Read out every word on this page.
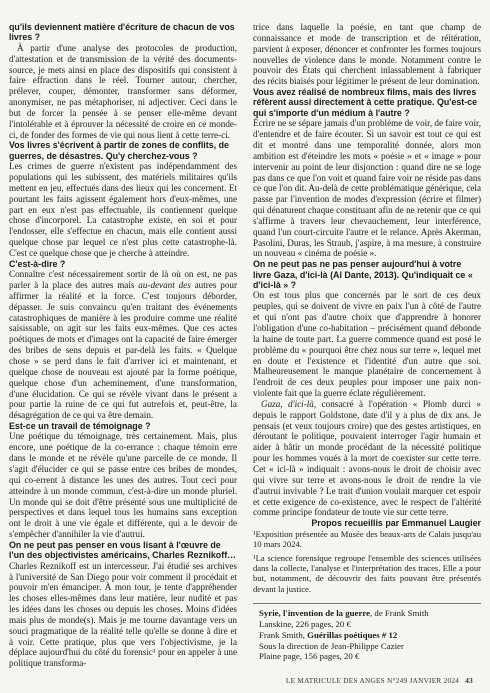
qu'ils deviennent matière d'écriture de chacun de vos livres ?

À partir d'une analyse des protocoles de production, d'attestation et de transmission de la vérité des documents-source, je mets ainsi en place des dispositifs qui consistent à faire effraction dans le réel. Tourner autour, chercher, prélever, couper, démonter, transformer sans déformer, anonymiser, ne pas métaphoriser, ni adjectiver. Ceci dans le but de forcer la pensée à se penser elle-même devant l'intolérable et à éprouver la nécessité de croire en ce monde-ci, de fonder des formes de vie qui nous lient à cette terre-ci.

Vos livres s'écrivent à partir de zones de conflits, de guerres, de désastres. Qu'y cherchez-vous ?

Les crimes de guerre n'existent pas indépendamment des populations qui les subissent, des matériels militaires qu'ils mettent en jeu, effectués dans des lieux qui les concernent. Et pourtant les faits agissent également hors d'eux-mêmes, une part en eux n'est pas effectuable, ils contiennent quelque chose d'incorporel. La catastrophe existe, en soi et pour l'endosser, elle s'effectue en chacun, mais elle contient aussi quelque chose par lequel ce n'est plus cette catastrophe-là. C'est ce quelque chose que je cherche à atteindre.

C'est-à-dire ?

Connaître c'est nécessairement sortir de là où on est, ne pas parler à la place des autres mais au-devant des autres pour affirmer la réalité et la force. C'est toujours déborder, dépasser. Je suis convaincu qu'en traitant des événements catastrophiques de manière à les produire comme une réalité saisissable, on agit sur les faits eux-mêmes. Que ces actes poétiques de mots et d'images ont la capacité de faire émerger des bribes de sens depuis et par-delà les faits. « Quelque chose » se perd dans le fait d'arriver ici et maintenant, et quelque chose de nouveau est ajouté par la forme poétique, quelque chose d'un acheminement, d'une transformation, d'une élucidation. Ce qui se révèle vivant dans le présent a pour partie la ruine de ce qui fut autrefois et, peut-être, la désagrégation de ce qui va être demain.

Est-ce un travail de témoignage ?

Une poétique du témoignage, très certainement. Mais, plus encore, une poétique de la co-errance : chaque témoin erre dans le monde et ne révèle qu'une parcelle de ce monde. Il s'agit d'élucider ce qui se passe entre ces bribes de mondes, qui co-errent à distance les unes des autres. Tout ceci pour atteindre à un monde commun, c'est-à-dire un monde pluriel. Un monde qui se doit d'être présenté sous une multiplicité de perspectives et dans lequel tous les humains sans exception ont le droit à une vie égale et différente, qui a le devoir de s'empêcher d'annihiler la vie d'autrui.

On ne peut pas penser en vous lisant à l'œuvre de l'un des objectivistes américains, Charles Reznikoff…

Charles Reznikoff est un intercesseur. J'ai étudié ses archives à l'université de San Diego pour voir comment il procédait et pouvoir m'en émanciper. À mon tour, je tente d'appréhender les choses elles-mêmes dans leur matière, leur nudité et pas les idées dans les choses ou depuis les choses. Moins d'idées mais plus de monde(s). Mais je me tourne davantage vers un souci pragmatique de la réalité telle qu'elle se donne à dire et à voir. Cette pratique, plus que vers l'objectivisme, je la déplace aujourd'hui du côté du forensic¹ pour en appeler à une politique transforma-

trice dans laquelle la poésie, en tant que champ de connaissance et mode de transcription et de réitération, parvient à exposer, dénoncer et confronter les formes toujours nouvelles de violence dans le monde. Notamment contre le pouvoir des États qui cherchent inlassablement à fabriquer des récits biaisés pour légitimer le présent de leur domination.

Vous avez réalisé de nombreux films, mais des livres réfèrent aussi directement à cette pratique. Qu'est-ce qui s'importe d'un médium à l'autre ?

Écrire ne se sépare jamais d'un problème de voir, de faire voir, d'entendre et de faire écouter. Si un savoir est tout ce qui est dit et montré dans une temporalité donnée, alors mon ambition est d'éteindre les mots « poésie » et « image » pour intervenir au point de leur disjonction : quand dire ne se loge pas dans ce que l'on voit et quand faire voir ne réside pas dans ce que l'on dit. Au-delà de cette problématique générique, cela passe par l'invention de modes d'expression (écrire et filmer) qui dénaturent chaque constituant afin de ne retenir que ce qui s'affirme à travers leur chevauchement, leur interférence, quand l'un court-circuite l'autre et le relance. Après Akerman, Pasolini, Duras, les Straub, j'aspire, à ma mesure, à construire un nouveau « cinéma de poésie ».

On ne peut pas ne pas penser aujourd'hui à votre livre Gaza, d'ici-là (Al Dante, 2013). Qu'indiquait ce « d'ici-là » ?

On est tous plus que concernés par le sort de ces deux peuples, qui se doivent de vivre en paix l'un à côté de l'autre et qui n'ont pas d'autre choix que d'apprendre à honorer l'obligation d'une co-habitation – précisément quand débonde la haine de toute part. La guerre commence quand est posé le problème du « pourquoi être chez nous sur terre », lequel met en doute et l'existence et l'identité d'un autre que soi. Malheureusement le manque planétaire de concernement à l'endroit de ces deux peuples pour imposer une paix non-violente fait que la guerre éclate régulièrement.

Gaza, d'ici-là, consacré à l'opération « Plomb durci » depuis le rapport Goldstone, date d'il y a plus de dix ans. Je pensais (et veux toujours croire) que des gestes artistiques, en déroutant le politique, pouvaient interroger l'agir humain et aider à bâtir un monde procédant de la nécessité politique pour les hommes voués à la mort de coexister sur cette terre. Cet « ici-là » indiquait : avons-nous le droit de choisir avec qui vivre sur terre et avons-nous le droit de rendre la vie d'autrui invivable ? Le trait d'union voulait marquer cet espoir et cette exigence de co-existence, avec le respect de l'altérité comme principe fondateur de toute vie sur cette terre.

Propos recueillis par Emmanuel Laugier

¹Exposition présentée au Musée des beaux-arts de Calais jusqu'au 10 mars 2024.

¹La science forensique regroupe l'ensemble des sciences utilisées dans la collecte, l'analyse et l'interprétation des traces. Elle a pour but, notamment, de découvrir des faits pouvant être présentés devant la justice.

Syrie, l'invention de la guerre, de Frank Smith
Lanskine, 226 pages, 20 €
Frank Smith, Guérillas poétiques # 12
Sous la direction de Jean-Philippe Cazier
Plaine page, 156 pages, 20 €
LE MATRICULE DES ANGES N°249 JANVIER 2024 43
